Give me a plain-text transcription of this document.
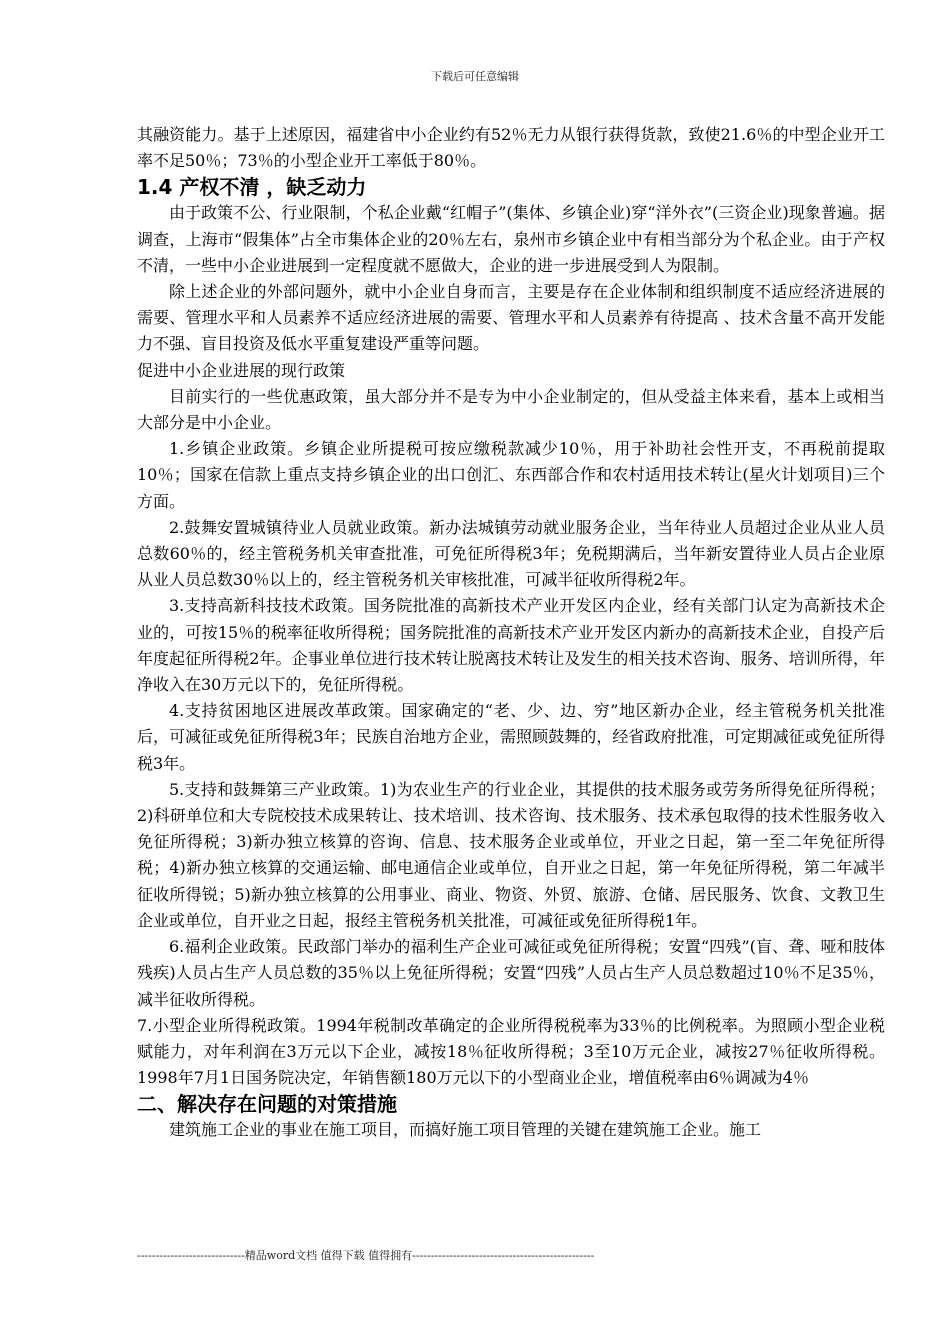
下载后可任意编辑

其融资能力。基于上述原因，福建省中小企业约有52％无力从银行获得货款，致使21.6％的中型企业开工率不足50％；73％的小型企业开工率低于80％。

1.4 产权不清 ，缺乏动力

由于政策不公、行业限制，个私企业戴“红帽子”(集体、乡镇企业)穿“洋外衣”(三资企业)现象普遍。据调查，上海市“假集体”占全市集体企业的20％左右，泉州市乡镇企业中有相当部分为个私企业。由于产权不清，一些中小企业进展到一定程度就不愿做大，企业的进一步进展受到人为限制。

除上述企业的外部问题外，就中小企业自身而言，主要是存在企业体制和组织制度不适应经济进展的需要、管理水平和人员素养不适应经济进展的需要、管理水平和人员素养有待提高 、技术含量不高开发能力不强、盲目投资及低水平重复建设严重等问题。

促进中小企业进展的现行政策

目前实行的一些优惠政策，虽大部分并不是专为中小企业制定的，但从受益主体来看，基本上或相当大部分是中小企业。

1.乡镇企业政策。乡镇企业所提税可按应缴税款减少10％，用于补助社会性开支，不再税前提取10％；国家在信款上重点支持乡镇企业的出口创汇、东西部合作和农村适用技术转让(星火计划项目)三个方面。

2.鼓舞安置城镇待业人员就业政策。新办法城镇劳动就业服务企业，当年待业人员超过企业从业人员总数60％的，经主管税务机关审查批准，可免征所得税3年；免税期满后，当年新安置待业人员占企业原从业人员总数30％以上的，经主管税务机关审核批准，可减半征收所得税2年。

3.支持高新科技技术政策。国务院批准的高新技术产业开发区内企业，经有关部门认定为高新技术企业的，可按15％的税率征收所得税；国务院批准的高新技术产业开发区内新办的高新技术企业，自投产后年度起征所得税2年。企事业单位进行技术转让脱离技术转让及发生的相关技术咨询、服务、培训所得，年净收入在30万元以下的，免征所得税。

4.支持贫困地区进展改革政策。国家确定的“老、少、边、穷”地区新办企业，经主管税务机关批准后，可减征或免征所得税3年；民族自治地方企业，需照顾鼓舞的，经省政府批准，可定期减征或免征所得税3年。

5.支持和鼓舞第三产业政策。1)为农业生产的行业企业，其提供的技术服务或劳务所得免征所得税；2)科研单位和大专院校技术成果转让、技术培训、技术咨询、技术服务、技术承包取得的技术性服务收入免征所得税；3)新办独立核算的咨询、信息、技术服务企业或单位，开业之日起，第一至二年免征所得税；4)新办独立核算的交通运输、邮电通信企业或单位，自开业之日起，第一年免征所得税，第二年减半征收所得锐；5)新办独立核算的公用事业、商业、物资、外贸、旅游、仓储、居民服务、饮食、文教卫生企业或单位，自开业之日起，报经主管税务机关批准，可减征或免征所得税1年。

6.福利企业政策。民政部门举办的福利生产企业可减征或免征所得税；安置“四残”(盲、聋、哑和肢体残疾)人员占生产人员总数的35％以上免征所得税；安置“四残”人员占生产人员总数超过10％不足35％，减半征收所得税。

7.小型企业所得税政策。1994年税制改革确定的企业所得税税率为33％的比例税率。为照顾小型企业税赋能力，对年利润在3万元以下企业，减按18％征收所得税；3至10万元企业，减按27％征收所得税。1998年7月1日国务院决定，年销售额180万元以下的小型商业企业，增值税率由6％调减为4％

二、解决存在问题的对策措施

建筑施工企业的事业在施工项目，而搞好施工项目管理的关键在建筑施工企业。施工

-----------------------------精品word文档 值得下载 值得拥有-------------------------------------------------
